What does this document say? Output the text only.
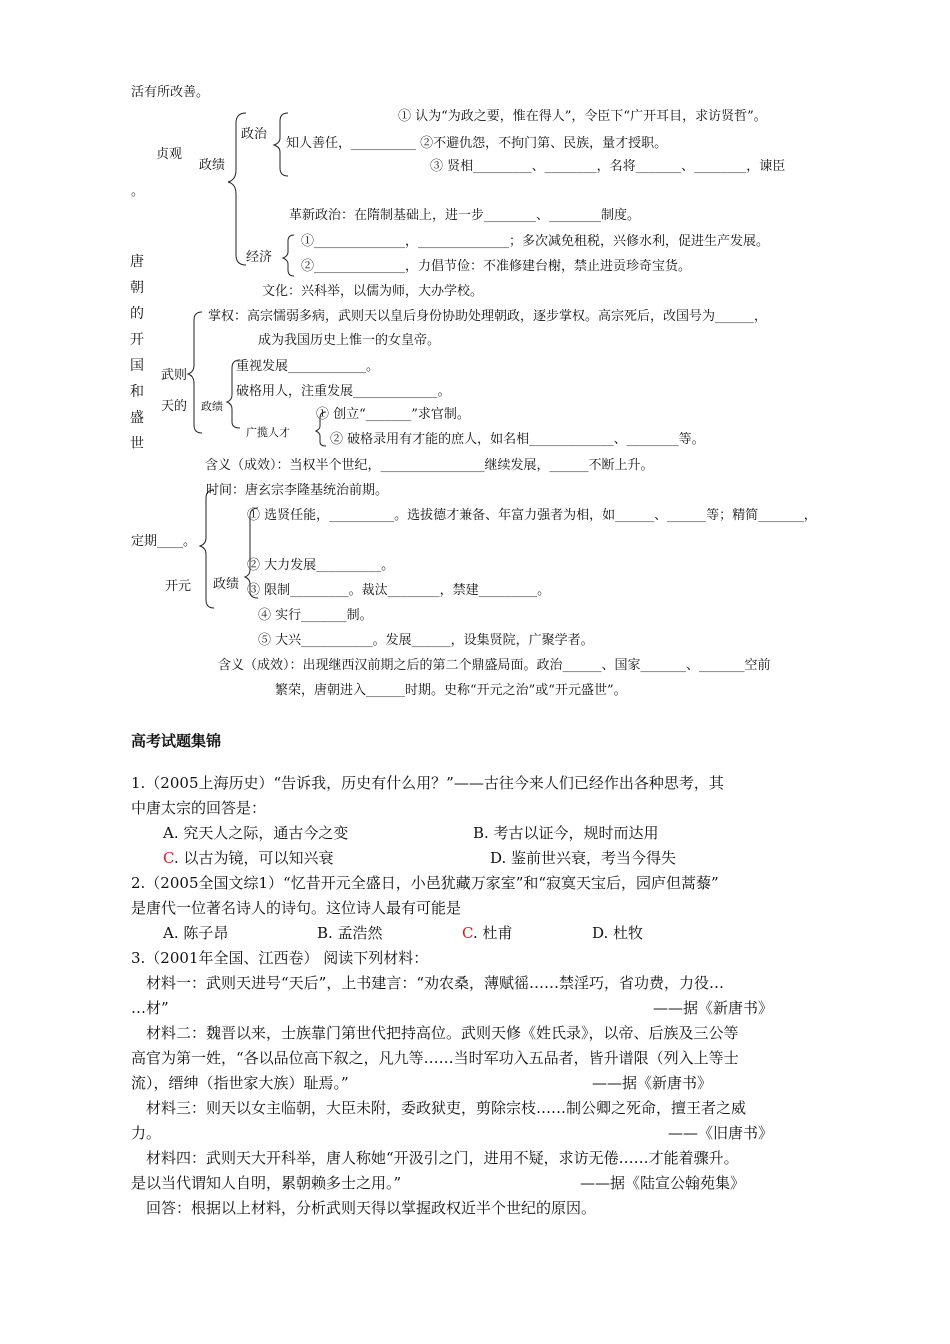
活有所改善。
① 认为“为政之要，惟在得人”，令臣下“广开耳目，求访贤哲”。
政治
知人善任，__________ ②不避仇怨，不拘门第、民族，量才授职。
贞观
政绩	③ 贤相_________、________，名将_______、________，谏臣
。
革新政治：在隋制基础上，进一步________、________制度。
①______________，______________；多次减免租税，兴修水利，促进生产发展。
经济
②______________，力倡节俭：不准修建台榭，禁止进贡珍奇宝货。
文化：兴科举，以儒为师，大办学校。
唐朝的开国和盛世
掌权：高宗懦弱多病，武则天以皇后身份协助处理朝政，逐步掌权。高宗死后，改国号为______，
成为我国历史上惟一的女皇帝。
重视发展____________。
武则
破格用人，注重发展_____________。
天的 政绩
① 创立“_______”求官制。
广揽人才	② 破格录用有才能的庶人，如名相_____________、________等。
含义（成效）：当权半个世纪，________________继续发展，______不断上升。
时间：唐玄宗李隆基统治前期。
① 选贤任能，__________。选拔德才兼备、年富力强者为相，如______、______等；精简_______，
定期____。
② 大力发展__________。
开元 政绩 ③ 限制_________。裁汰________，禁建_________。
④ 实行_______制。
⑤ 大兴___________。发展______，设集贤院，广聚学者。
含义（成效）：出现继西汉前期之后的第二个鼎盛局面。政治______、国家_______、_______空前
繁荣，唐朝进入______时期。史称“开元之治”或“开元盛世”。
高考试题集锦
1.（2005上海历史）“告诉我，历史有什么用？”——古往今来人们已经作出各种思考，其
中唐太宗的回答是：
A. 究天人之际，通古今之变	B. 考古以证今，规时而达用
C. 以古为镜，可以知兴衰	D. 鉴前世兴衰，考当今得失
2.（2005全国文综1）“忆昔开元全盛日，小邑犹藏万家室”和“寂寞天宝后，园庐但蒿藜”
是唐代一位著名诗人的诗句。这位诗人最有可能是
A. 陈子昂	B. 孟浩然	C. 杜甫	D. 杜牧
3.（2001年全国、江西卷） 阅读下列材料：
材料一：武则天进号“天后”，上书建言：“劝农桑，薄赋徭……禁淫巧，省功费，力役…
…材”	——据《新唐书》
材料二：魏晋以来，士族靠门第世代把持高位。武则天修《姓氏录》，以帝、后族及三公等
高官为第一姓，“各以品位高下叙之，凡九等……当时军功入五品者，皆升谱限（列入上等士
流），缙绅（指世家大族）耻焉。”	——据《新唐书》
材料三：则天以女主临朝，大臣未附，委政狱吏，剪除宗枝……制公卿之死命，擅王者之威
力。	——《旧唐书》
材料四：武则天大开科举，唐人称她“开汲引之门，进用不疑，求访无倦……才能着骤升。
是以当代谓知人自明，累朝赖多士之用。”	——据《陆宣公翰苑集》
回答：根据以上材料，分析武则天得以掌握政权近半个世纪的原因。
